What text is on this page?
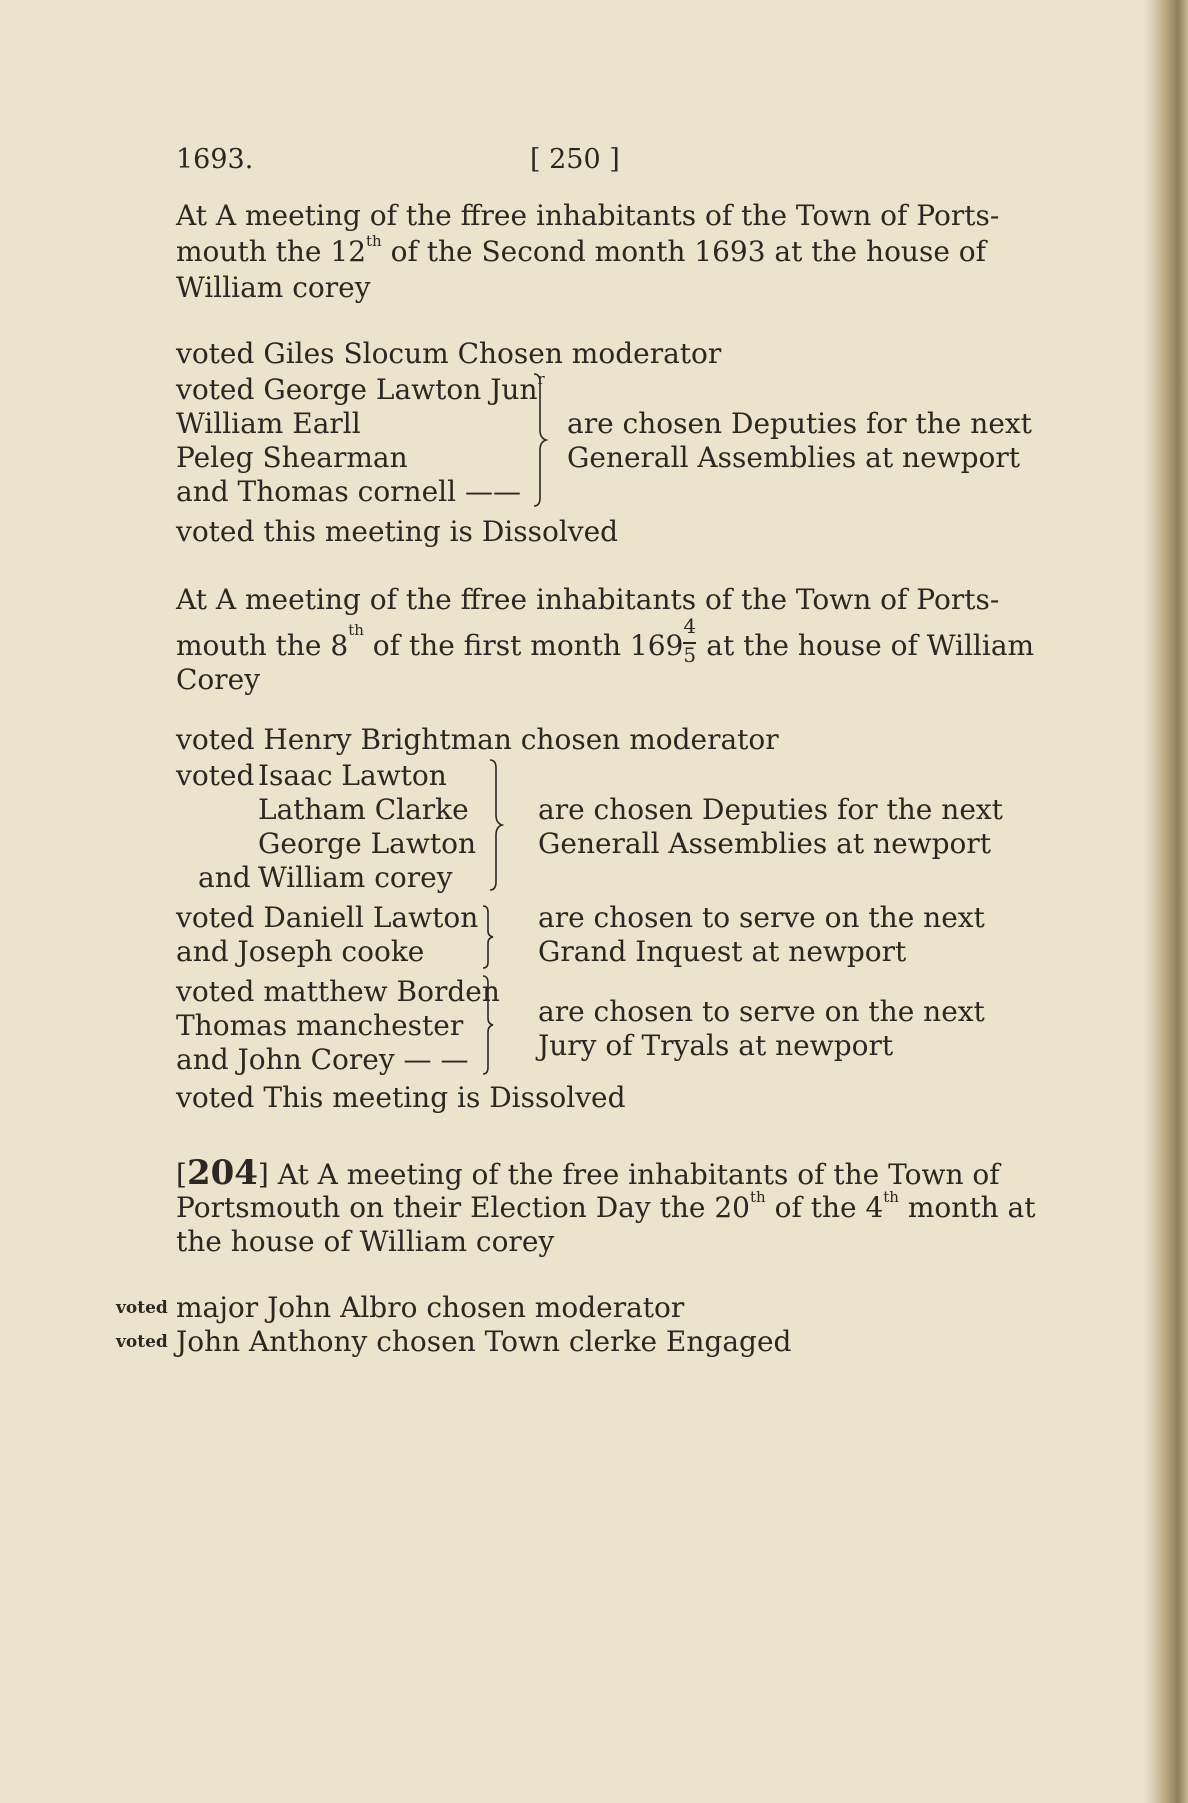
1693.	[ 250 ]
At A meeting of the ffree inhabitants of the Town of Ports-
mouth the 12th of the Second month 1693 at the house of
William corey
voted Giles Slocum Chosen moderator
voted George Lawton Jun$^r$
William Earll
Peleg Shearman
and Thomas cornell ——
are chosen Deputies for the next
Generall Assemblies at newport
voted this meeting is Dissolved
At A meeting of the ffree inhabitants of the Town of Ports-
mouth the 8th of the first month $169 \frac{4}{5}$ at the house of William
Corey
voted Henry Brightman chosen moderator
voted Isaac Lawton
Latham Clarke
George Lawton
and William corey
are chosen Deputies for the next
Generall Assemblies at newport
voted Daniell Lawton
and Joseph cooke
are chosen to serve on the next
Grand Inquest at newport
voted matthew Borden
Thomas manchester
and John Corey — —
are chosen to serve on the next
Jury of Tryals at newport
voted This meeting is Dissolved
[204] At A meeting of the free inhabitants of the Town of
Portsmouth on their Election Day the 20th of the 4th month at
the house of William corey
voted major John Albro chosen moderator
voted John Anthony chosen Town clerke Engaged
